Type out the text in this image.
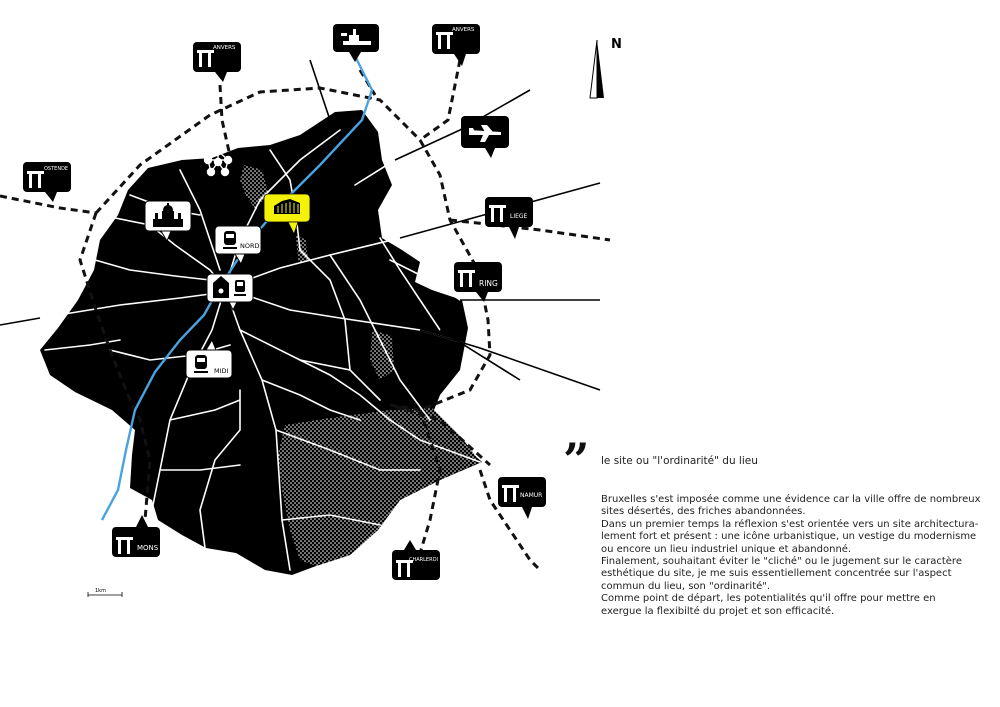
N
1km
ANVERS
ANVERS
OSTENDE
LIEGE
RING
NAMUR
CHARLEROI
MONS
NORD
MIDI
” le site ou "l'ordinarité" du lieu

Bruxelles s'est imposée comme une évidence car la ville offre de nombreux

sites désertés, des friches abandonnées.

Dans un premier temps la réflexion s'est orientée vers un site architectura-

lement fort et présent : une icône urbanistique, un vestige du modernisme

ou encore un lieu industriel unique et abandonné.

Finalement, souhaitant éviter le "cliché" ou le jugement sur le caractère

esthétique du site, je me suis essentiellement concentrée sur l'aspect

commun du lieu, son "ordinarité".

Comme point de départ, les potentialités qu'il offre pour mettre en

exergue la flexibilté du projet et son efficacité.
